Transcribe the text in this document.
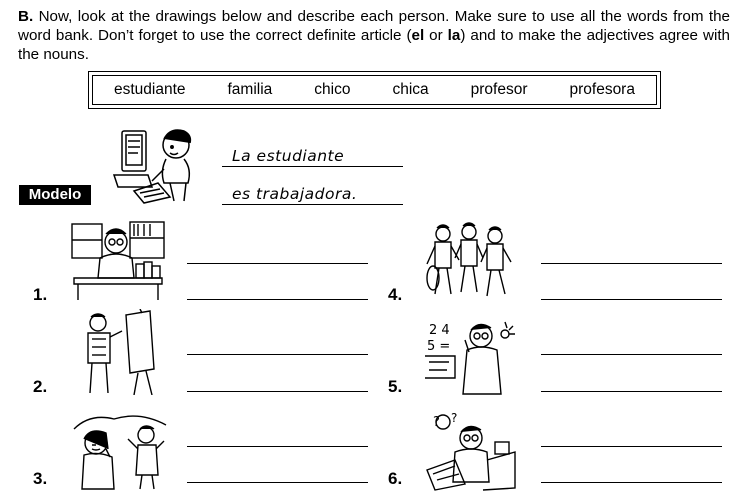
B. Now, look at the drawings below and describe each person. Make sure to use all the words from the word bank. Don’t forget to use the correct definite article (el or la) and to make the adjectives agree with the nouns.
estudiante	familia	chico	chica	profesor	profesora
La estudiante
Modelo	es trabajadora.
1.	4.
2.
2 4
5 =
5.
3.
? ?
6.
